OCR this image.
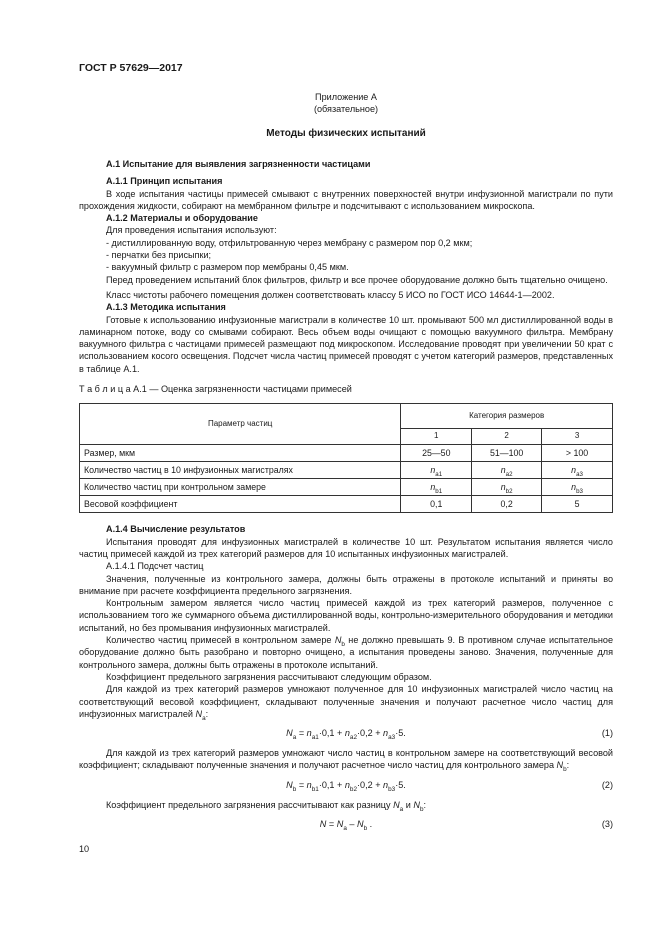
ГОСТ Р 57629—2017
Приложение А
(обязательное)
Методы физических испытаний

А.1 Испытание для выявления загрязненности частицами

А.1.1 Принцип испытания

В ходе испытания частицы примесей смывают с внутренних поверхностей внутри инфузионной магистрали по пути прохождения жидкости, собирают на мембранном фильтре и подсчитывают с использованием микроскопа.

А.1.2 Материалы и оборудование

Для проведения испытания используют:

- дистиллированную воду, отфильтрованную через мембрану с размером пор 0,2 мкм;

- перчатки без присыпки;

- вакуумный фильтр с размером пор мембраны 0,45 мкм.

Перед проведением испытаний блок фильтров, фильтр и все прочее оборудование должно быть тщательно очищено.

Класс чистоты рабочего помещения должен соответствовать классу 5 ИСО по ГОСТ ИСО 14644-1—2002.

А.1.3 Методика испытания

Готовые к использованию инфузионные магистрали в количестве 10 шт. промывают 500 мл дистиллированной воды в ламинарном потоке, воду со смывами собирают. Весь объем воды очищают с помощью вакуумного фильтра. Мембрану вакуумного фильтра с частицами примесей размещают под микроскопом. Исследование проводят при увеличении 50 крат с использованием косого освещения. Подсчет числа частиц примесей проводят с учетом категорий размеров, представленных в таблице А.1.

Т а б л и ц а А.1 — Оценка загрязненности частицами примесей

Параметр частиц	Категория размеров		
	1	2	3
Размер, мкм	25—50	51—100	> 100
Количество частиц в 10 инфузионных магистралях	$n_{a1}$	$n_{a2}$	$n_{a3}$
Количество частиц при контрольном замере	$n_{b1}$	$n_{b2}$	$n_{b3}$
Весовой коэффициент	0,1	0,2	5

А.1.4 Вычисление результатов

Испытания проводят для инфузионных магистралей в количестве 10 шт. Результатом испытания является число частиц примесей каждой из трех категорий размеров для 10 испытанных инфузионных магистралей.

А.1.4.1 Подсчет частиц

Значения, полученные из контрольного замера, должны быть отражены в протоколе испытаний и приняты во внимание при расчете коэффициента предельного загрязнения.

Контрольным замером является число частиц примесей каждой из трех категорий размеров, полученное с использованием того же суммарного объема дистиллированной воды, контрольно-измерительного оборудования и методики испытаний, но без промывания инфузионных магистралей.

Количество частиц примесей в контрольном замере $N_b$ не должно превышать 9. В противном случае испытательное оборудование должно быть разобрано и повторно очищено, а испытания проведены заново. Значения, полученные для контрольного замера, должны быть отражены в протоколе испытаний.

Коэффициент предельного загрязнения рассчитывают следующим образом.

Для каждой из трех категорий размеров умножают полученное для 10 инфузионных магистралей число частиц на соответствующий весовой коэффициент, складывают полученные значения и получают расчетное число частиц для инфузионных магистралей $N_a$:

$N_a = n_{a1}\cdot 0,1 + n_{a2}\cdot 0,2 + n_{a3}\cdot 5$.	(1)

Для каждой из трех категорий размеров умножают число частиц в контрольном замере на соответствующий весовой коэффициент; складывают полученные значения и получают расчетное число частиц для контрольного замера $N_b$:

$N_b = n_{b1}\cdot 0,1 + n_{b2}\cdot 0,2 + n_{b3}\cdot 5$.	(2)

Коэффициент предельного загрязнения рассчитывают как разницу $N_a$ и $N_b$:

$N = N_a - N_b$ .	(3)
10
